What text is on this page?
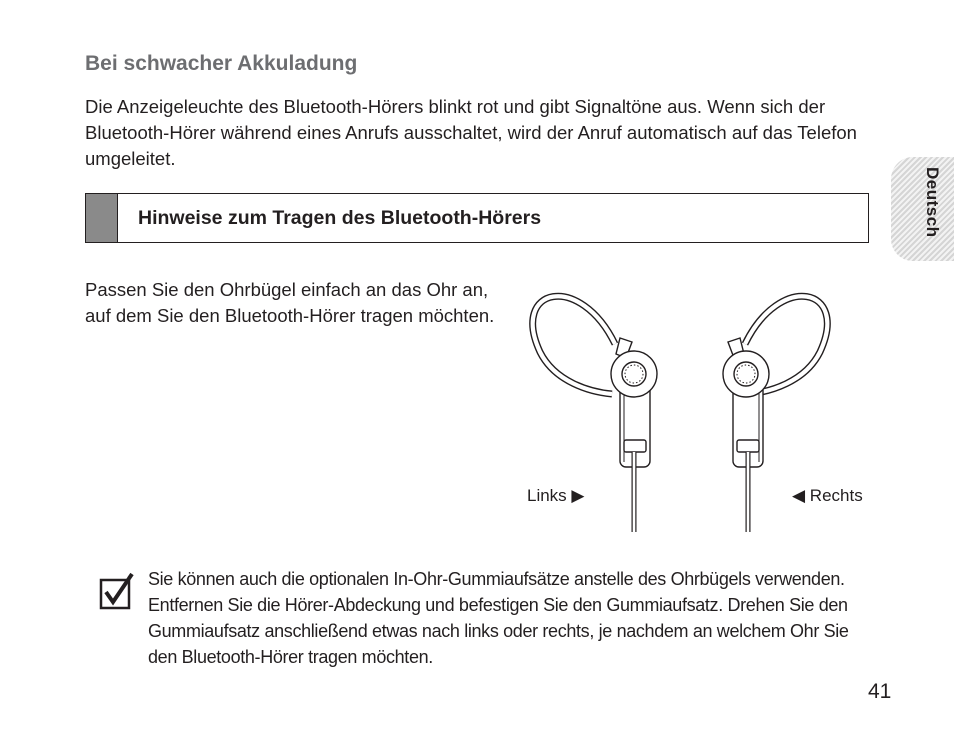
Bei schwacher Akkuladung
Die Anzeigeleuchte des Bluetooth-Hörers blinkt rot und gibt Signaltöne aus. Wenn sich der Bluetooth-Hörer während eines Anrufs ausschaltet, wird der Anruf automatisch auf das Telefon umgeleitet.
Hinweise zum Tragen des Bluetooth-Hörers	Deutsch
Passen Sie den Ohrbügel einfach an das Ohr an, auf dem Sie den Bluetooth-Hörer tragen möchten.
Links ▶	◀ Rechts
Sie können auch die optionalen In-Ohr-Gummiaufsätze anstelle des Ohrbügels verwenden. Entfernen Sie die Hörer-Abdeckung und befestigen Sie den Gummiaufsatz. Drehen Sie den Gummiaufsatz anschließend etwas nach links oder rechts, je nachdem an welchem Ohr Sie den Bluetooth-Hörer tragen möchten.
41
